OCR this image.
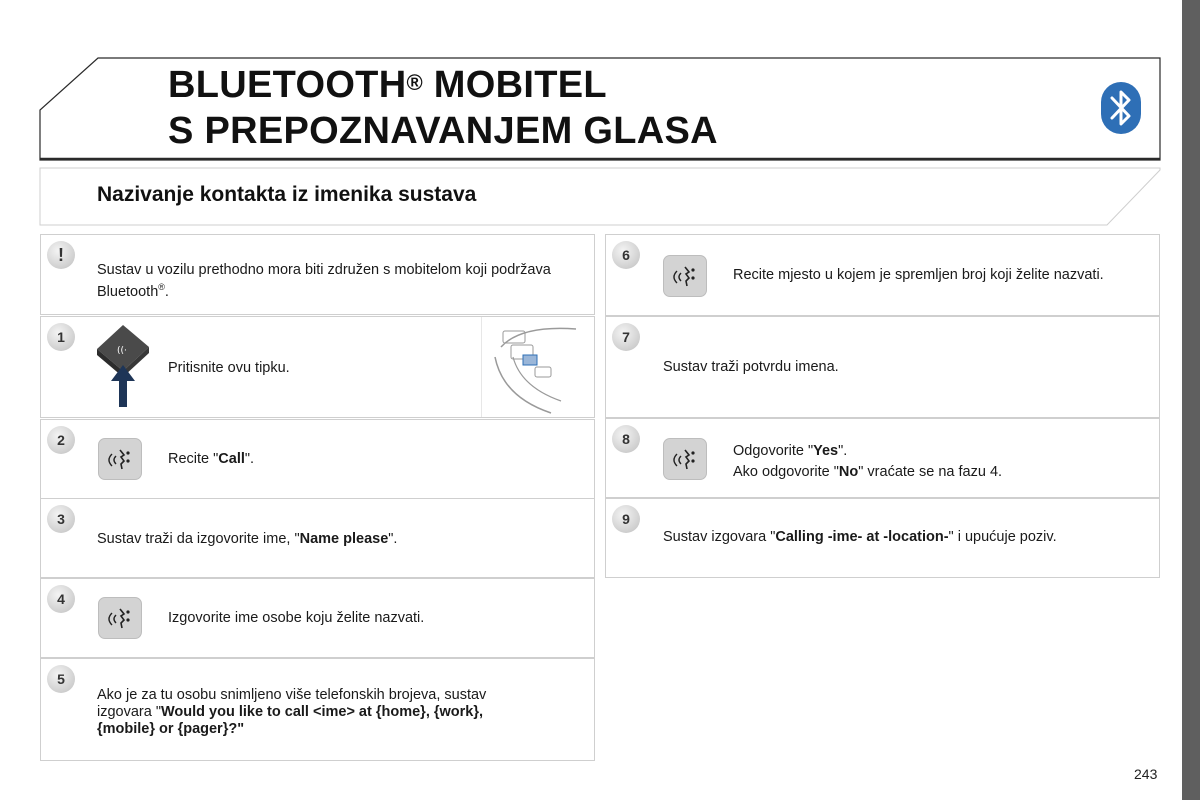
BLUETOOTH® MOBITEL
S PREPOZNAVANJEM GLASA
Nazivanje kontakta iz imenika sustava
!
Sustav u vozilu prethodno mora biti združen s mobitelom koji podržava Bluetooth®.
1
((·
Pritisnite ovu tipku.
2
Recite "Call".
3
Sustav traži da izgovorite ime, "Name please".
4
Izgovorite ime osobe koju želite nazvati.
5
Ako je za tu osobu snimljeno više telefonskih brojeva, sustav izgovara "Would you like to call <ime> at {home}, {work}, {mobile} or {pager}?"
6
Recite mjesto u kojem je spremljen broj koji želite nazvati.
7
Sustav traži potvrdu imena.
8
Odgovorite "Yes".
Ako odgovorite "No" vraćate se na fazu 4.
9
Sustav izgovara "Calling -ime- at -location-" i upućuje poziv.
243
